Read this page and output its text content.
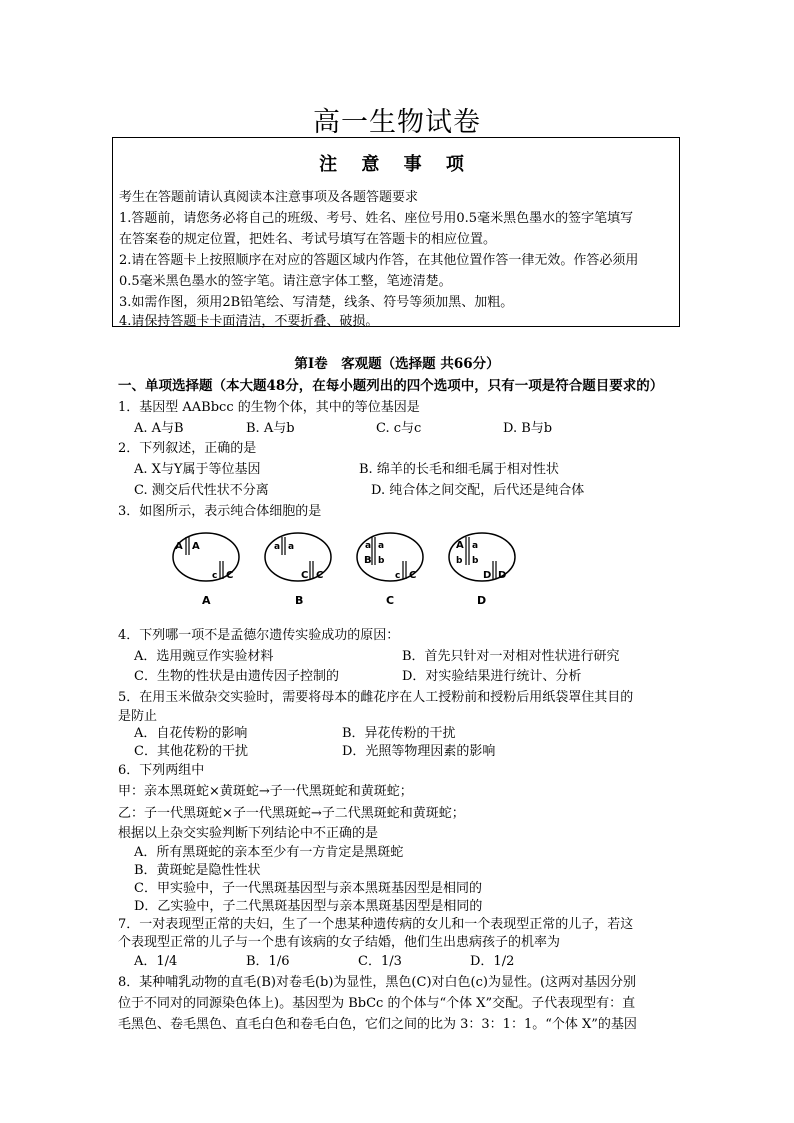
高一生物试卷
注 意 事 项
考生在答题前请认真阅读本注意事项及各题答题要求
1.答题前，请您务必将自己的班级、考号、姓名、座位号用0.5毫米黑色墨水的签字笔填写
在答案卷的规定位置，把姓名、考试号填写在答题卡的相应位置。
2.请在答题卡上按照顺序在对应的答题区域内作答，在其他位置作答一律无效。作答必须用
0.5毫米黑色墨水的签字笔。请注意字体工整，笔迹清楚。
3.如需作图，须用2B铅笔绘、写清楚，线条、符号等须加黑、加粗。
4.请保持答题卡卡面清洁，不要折叠、破损。
第Ⅰ卷　客观题（选择题 共66分）
一、单项选择题（本大题48分，在每小题列出的四个选项中，只有一项是符合题目要求的）
1．基因型 AABbcc 的生物个体，其中的等位基因是
A. A与B	B. A与b	C. c与c	D. B与b
2．下列叙述，正确的是
A. X与Y属于等位基因	B. 绵羊的长毛和细毛属于相对性状
C. 测交后代性状不分离	D. 纯合体之间交配，后代还是纯合体
3．如图所示，表示纯合体细胞的是
A A
c C
A
a a
C C
B
a a
B b
c C
C
A a
b b
D D
D
4．下列哪一项不是孟德尔遗传实验成功的原因：
A．选用豌豆作实验材料	B．首先只针对一对相对性状进行研究
C．生物的性状是由遗传因子控制的	D．对实验结果进行统计、分析
5．在用玉米做杂交实验时，需要将母本的雌花序在人工授粉前和授粉后用纸袋罩住其目的
是防止
A．自花传粉的影响	B．异花传粉的干扰
C．其他花粉的干扰	D．光照等物理因素的影响
6．下列两组中
甲：亲本黑斑蛇×黄斑蛇→子一代黑斑蛇和黄斑蛇；
乙：子一代黑斑蛇×子一代黑斑蛇→子二代黑斑蛇和黄斑蛇；
根据以上杂交实验判断下列结论中不正确的是
A．所有黑斑蛇的亲本至少有一方肯定是黑斑蛇
B．黄斑蛇是隐性性状
C．甲实验中，子一代黑斑基因型与亲本黑斑基因型是相同的
D．乙实验中，子二代黑斑基因型与亲本黑斑基因型是相同的
7．一对表现型正常的夫妇，生了一个患某种遗传病的女儿和一个表现型正常的儿子，若这
个表现型正常的儿子与一个患有该病的女子结婚，他们生出患病孩子的机率为
A．1/4	B．1/6	C．1/3	D．1/2
8．某种哺乳动物的直毛(B)对卷毛(b)为显性，黑色(C)对白色(c)为显性。(这两对基因分别
位于不同对的同源染色体上)。基因型为 BbCc 的个体与“个体 X”交配。子代表现型有：直
毛黑色、卷毛黑色、直毛白色和卷毛白色，它们之间的比为 3：3：1：1。“个体 X”的基因
